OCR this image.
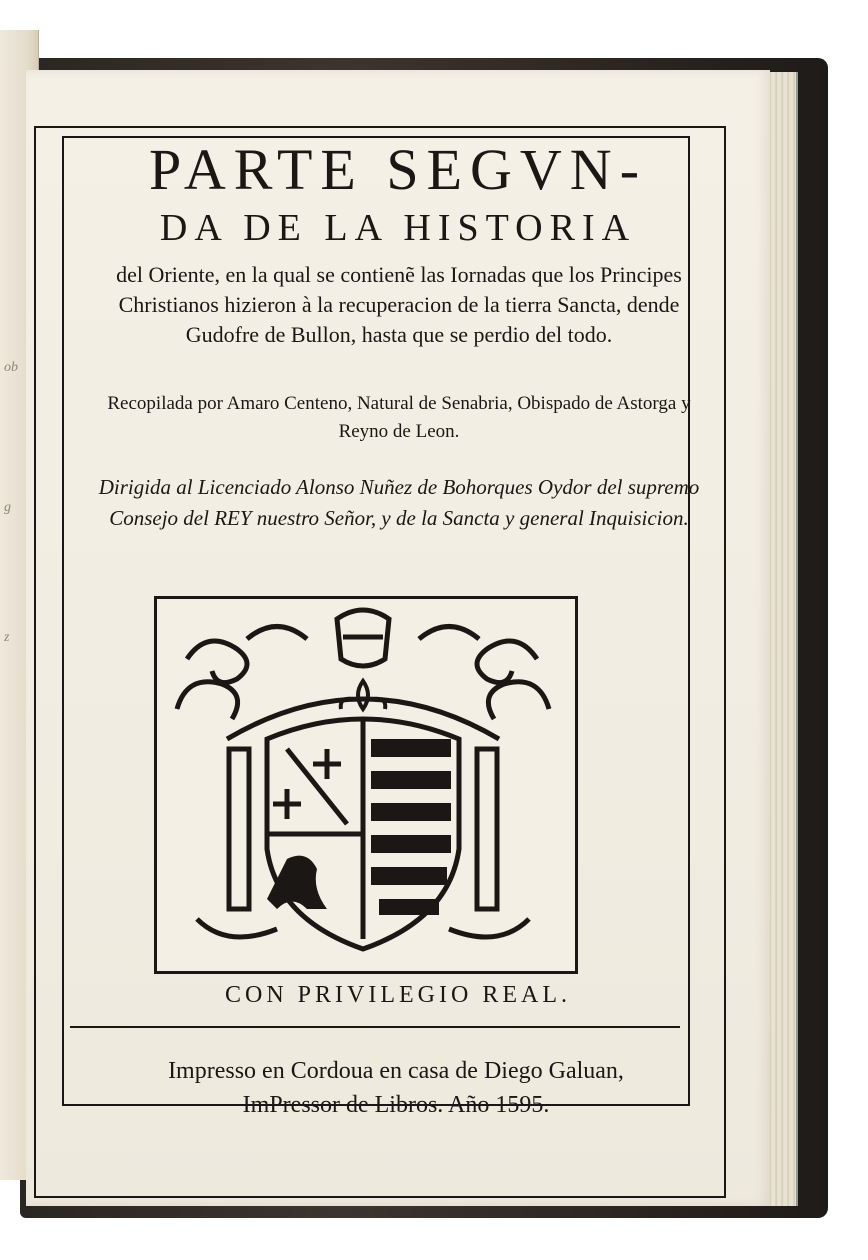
ob
g
z
PARTE SEGVN-
DA DE LA HISTORIA
del Oriente, en la qual se contienẽ las Iornadas que los Principes Christianos hizieron à la recuperacion de la tierra Sancta, dende Gudofre de Bullon, hasta que se perdio del todo.
Recopilada por Amaro Centeno, Natural de Senabria, Obispado de Astorga y Reyno de Leon.
Dirigida al Licenciado Alonso Nuñez de Bohorques Oydor del supremo Consejo del REY nuestro Señor, y de la Sancta y general Inquisicion.
CON PRIVILEGIO REAL.
Impresso en Cordoua en casa de Diego Galuan,
ImPressor de Libros. Año 1595.
